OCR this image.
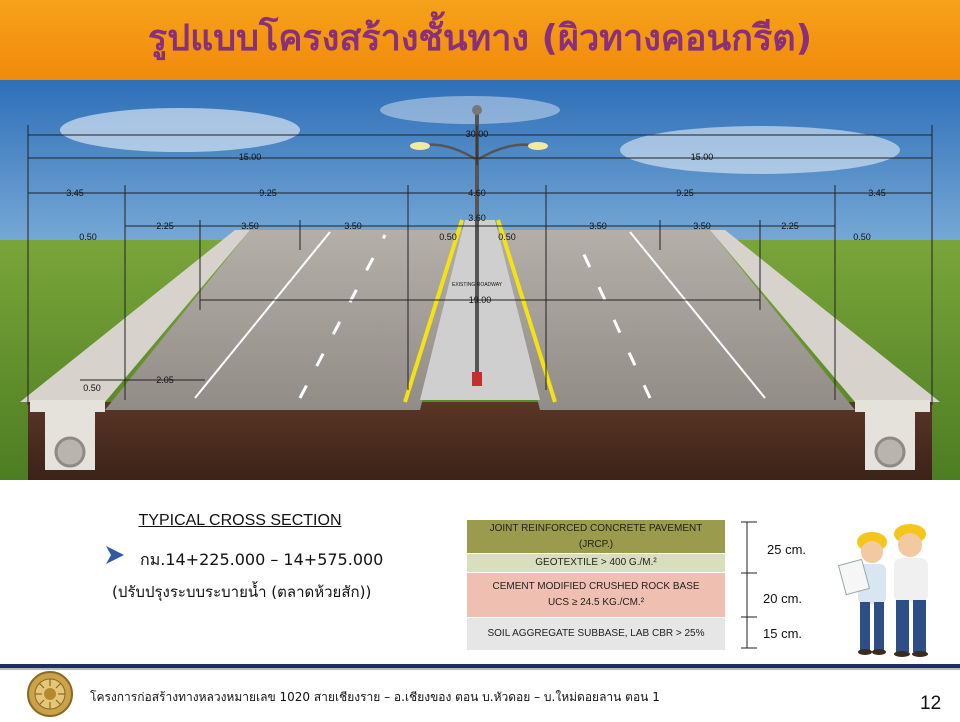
รูปแบบโครงสร้างชั้นทาง (ผิวทางคอนกรีต)
30.00
15.00	15.00
3.45	9.25	4.60	9.25	3.45
0.50
2.25	3.50	3.50
0.50
3.60
0.50
3.50	3.50	2.25
0.50
EXISTING ROADWAY
19.00
0.50
2.05
TYPICAL CROSS SECTION
กม.14+225.000 – 14+575.000
(ปรับปรุงระบบระบายน้ำ (ตลาดห้วยสัก))
JOINT REINFORCED CONCRETE PAVEMENT
(JRCP.)
GEOTEXTILE > 400 G./M.²
CEMENT MODIFIED CRUSHED ROCK BASE
UCS ≥ 24.5 KG./CM.²
SOIL AGGREGATE SUBBASE, LAB CBR > 25%
25 cm.
20 cm.
15 cm.
โครงการก่อสร้างทางหลวงหมายเลข 1020 สายเชียงราย – อ.เชียงของ ตอน บ.หัวดอย – บ.ใหม่ดอยลาน ตอน 1	12
